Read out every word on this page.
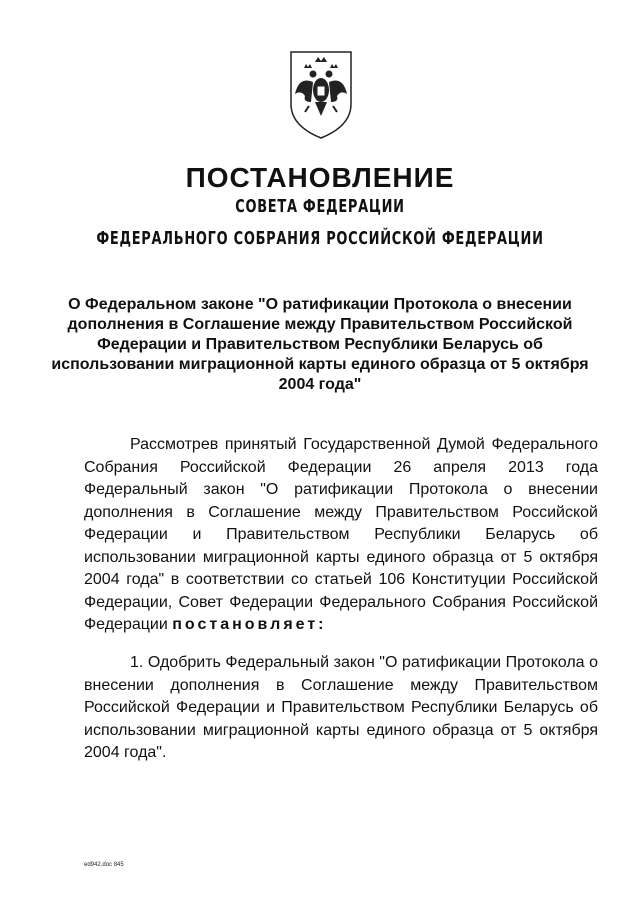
ПОСТАНОВЛЕНИЕ
СОВЕТА ФЕДЕРАЦИИ
ФЕДЕРАЛЬНОГО СОБРАНИЯ РОССИЙСКОЙ ФЕДЕРАЦИИ

О Федеральном законе "О ратификации Протокола о внесении дополнения в Соглашение между Правительством Российской Федерации и Правительством Республики Беларусь об использовании миграционной карты единого образца от 5 октября 2004 года"

Рассмотрев принятый Государственной Думой Федерального Собрания Российской Федерации 26 апреля 2013 года Федеральный закон "О ратификации Протокола о внесении дополнения в Соглашение между Правительством Российской Федерации и Правительством Республики Беларусь об использовании миграционной карты единого образца от 5 октября 2004 года" в соответствии со статьей 106 Конституции Российской Федерации, Совет Федерации Федерального Собрания Российской Федерации постановляет:

1. Одобрить Федеральный закон "О ратификации Протокола о внесении дополнения в Соглашение между Правительством Российской Федерации и Правительством Республики Беларусь об использовании миграционной карты единого образца от 5 октября 2004 года".

ed942.doc 845
